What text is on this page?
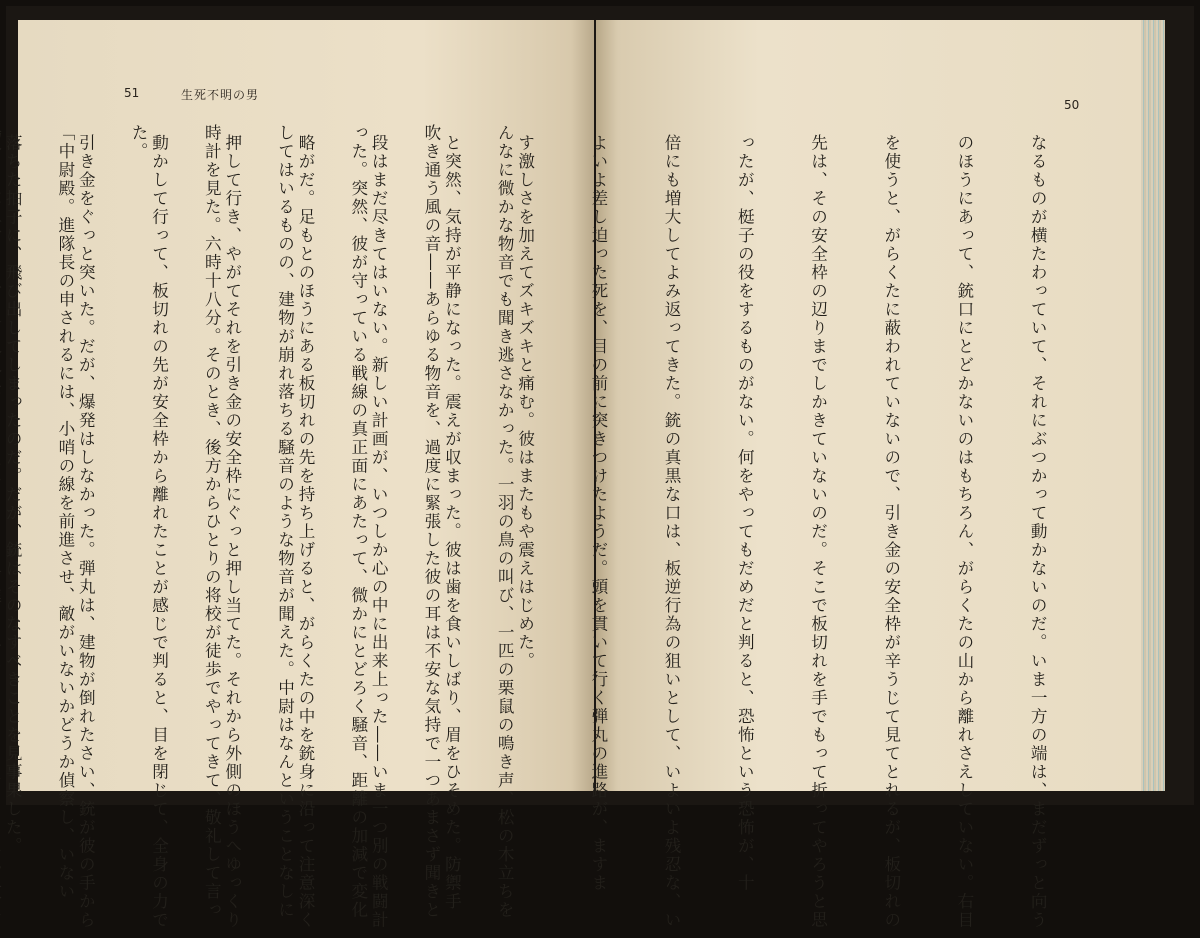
51	生死不明の男

んなに微かな物音でも聞き逃さなかった。一羽の鳥の叫び、一匹の栗鼠の鳴き声、松の木立ちを

吹き通う風の音――あらゆる物音を、過度に緊張した彼の耳は不安な気持で一つあまさず聞きと

った。突然、彼が守っている戦線の真正面にあたって、微かにとどろく騒音、距離の加減で変化

してはいるものの、建物が崩れ落ちる騒音のような物音が聞えた。中尉はなんということなしに

時計を見た。六時十八分。そのとき、後方からひとりの将校が徒歩でやってきて、敬礼して言っ

た。

「中尉殿。進隊長の申されるには、小哨の線を前進させ、敵がいないかどうか偵察し、いない

50

なるものが横たわっていて、それにぶつかって動かないのだ。いま一方の端は、まだずっと向う

のほうにあって、銃口にとどかないのはもちろん、がらくたの山から離れさえしていない。右目

を使うと、がらくたに蔽われていないので、引き金の安全枠が辛うじて見てとれるが、板切れの

先は、その安全枠の辺りまでしかきていないのだ。そこで板切れを手でもって折ってやろうと思

ったが、梃子の役をするものがない。何をやってもだめだと判ると、恐怖という恐怖が、十

倍にも増大してよみ返ってきた。銃の真黒な口は、板逆行為の狙いとして、いよいよ残忍な、い

よいよ差し迫った死を、目の前に突きつけたようだ。頭を貫いて行く弾丸の進路が、ますま

す激しさを加えてズキズキと痛む。彼はまたもや震えはじめた。

と突然、気持が平静になった。震えが収まった。彼は歯を食いしばり、眉をひそめた。防禦手

段はまだ尽きてはいない。新しい計画が、いつしか心の中に出来上った――いま一つ別の戦闘計

略がだ。足もとのほうにある板切れの先を持ち上げると、がらくたの中を銃身に沿って注意深く

押して行き、やがてそれを引き金の安全枠にぐっと押し当てた。それから外側のほうへゆっくり

動かして行って、板切れの先が安全枠から離れたことが感じで判ると、目を閉じて、全身の力で

引き金をぐっと突いた。だが、爆発はしなかった。弾丸は、建物が倒れたさい、銃が彼の手から

落ちた拍子に、飛び出してしまったのだ。だが、銃はそのなすべきことを見事果した。
